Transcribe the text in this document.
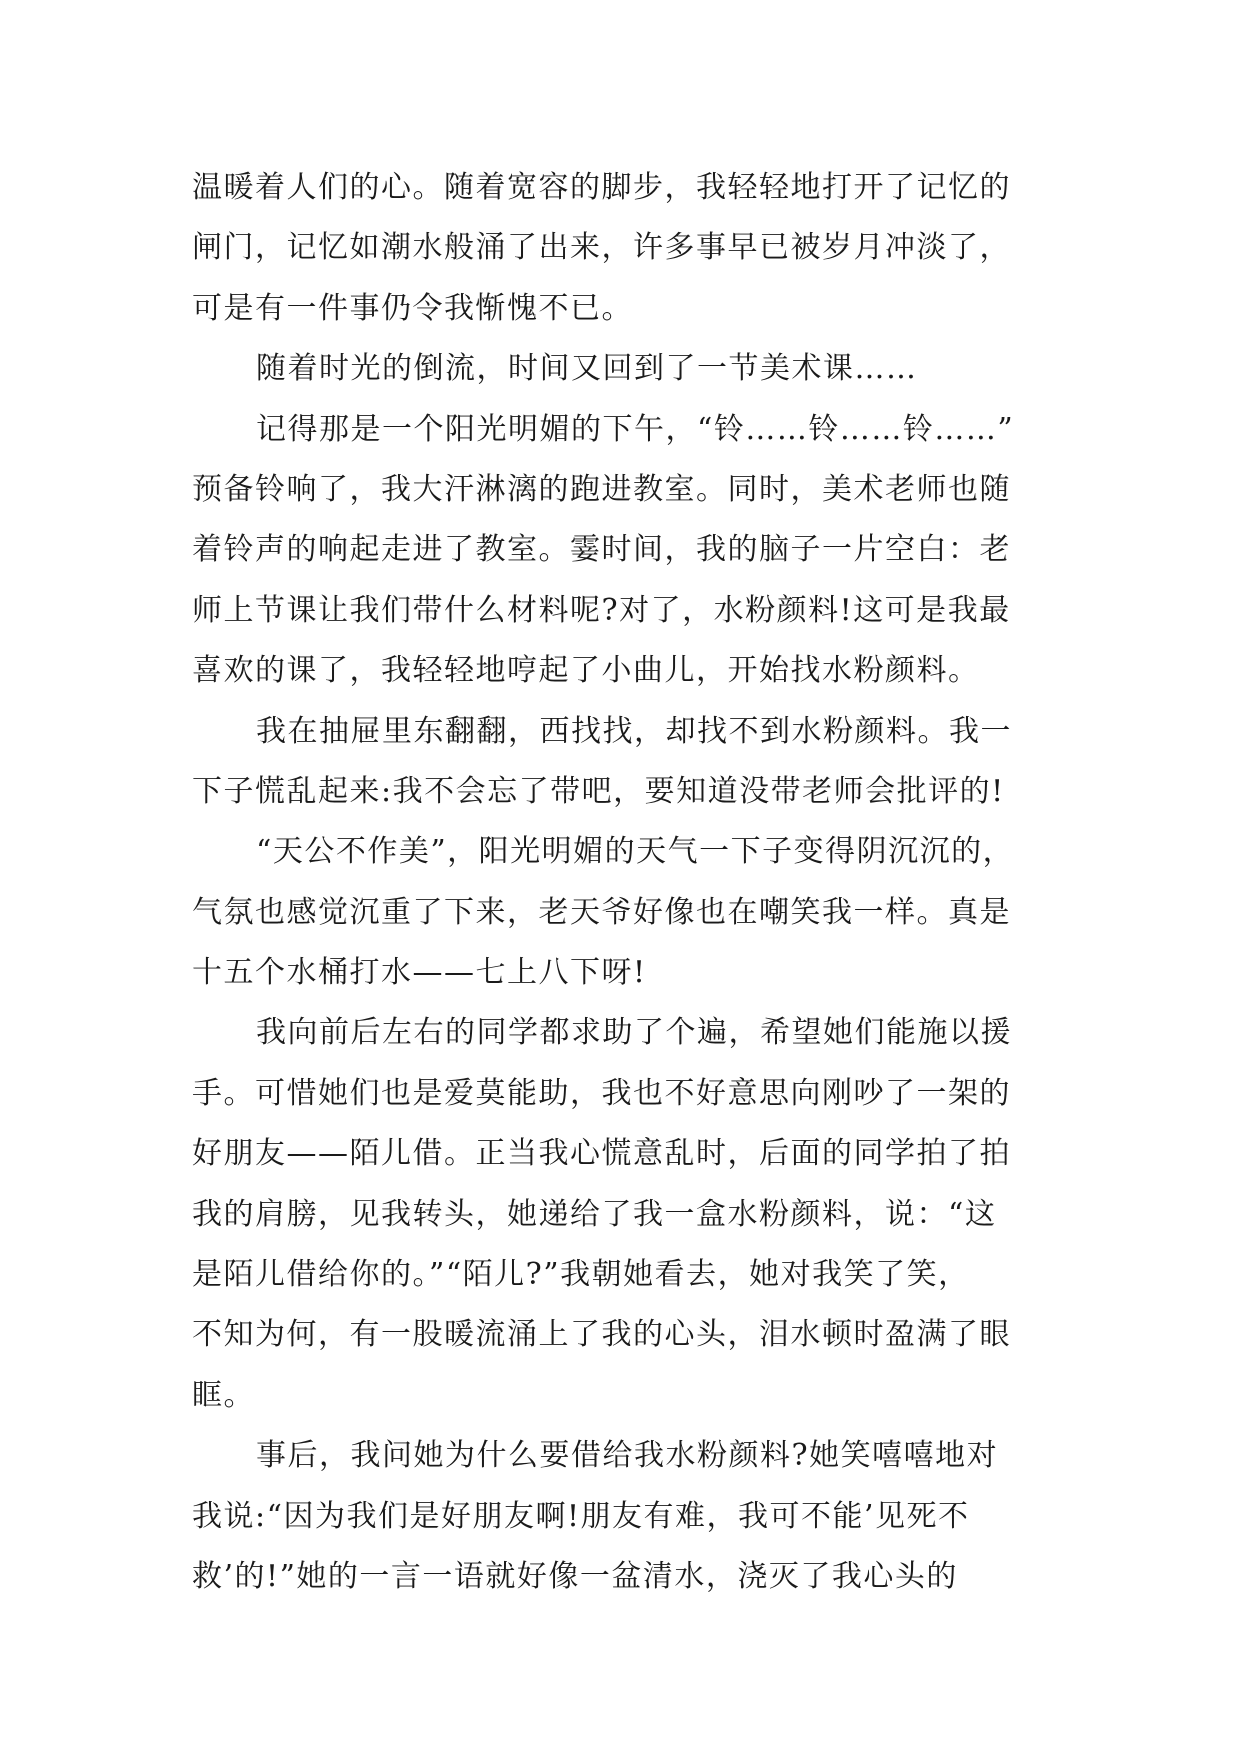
温暖着人们的心。随着宽容的脚步，我轻轻地打开了记忆的
闸门，记忆如潮水般涌了出来，许多事早已被岁月冲淡了，
可是有一件事仍令我惭愧不已。
随着时光的倒流，时间又回到了一节美术课……
记得那是一个阳光明媚的下午，“铃……铃……铃……”
预备铃响了，我大汗淋漓的跑进教室。同时，美术老师也随
着铃声的响起走进了教室。霎时间，我的脑子一片空白：老
师上节课让我们带什么材料呢?对了，水粉颜料!这可是我最
喜欢的课了，我轻轻地哼起了小曲儿，开始找水粉颜料。
我在抽屉里东翻翻，西找找，却找不到水粉颜料。我一
下子慌乱起来:我不会忘了带吧，要知道没带老师会批评的!
“天公不作美”，阳光明媚的天气一下子变得阴沉沉的，
气氛也感觉沉重了下来，老天爷好像也在嘲笑我一样。真是
十五个水桶打水——七上八下呀!
我向前后左右的同学都求助了个遍，希望她们能施以援
手。可惜她们也是爱莫能助，我也不好意思向刚吵了一架的
好朋友——陌儿借。正当我心慌意乱时，后面的同学拍了拍
我的肩膀，见我转头，她递给了我一盒水粉颜料，说：“这
是陌儿借给你的。”“陌儿?”我朝她看去，她对我笑了笑，
不知为何，有一股暖流涌上了我的心头，泪水顿时盈满了眼
眶。
事后，我问她为什么要借给我水粉颜料?她笑嘻嘻地对
我说:“因为我们是好朋友啊!朋友有难，我可不能’见死不
救’的!”她的一言一语就好像一盆清水，浇灭了我心头的
